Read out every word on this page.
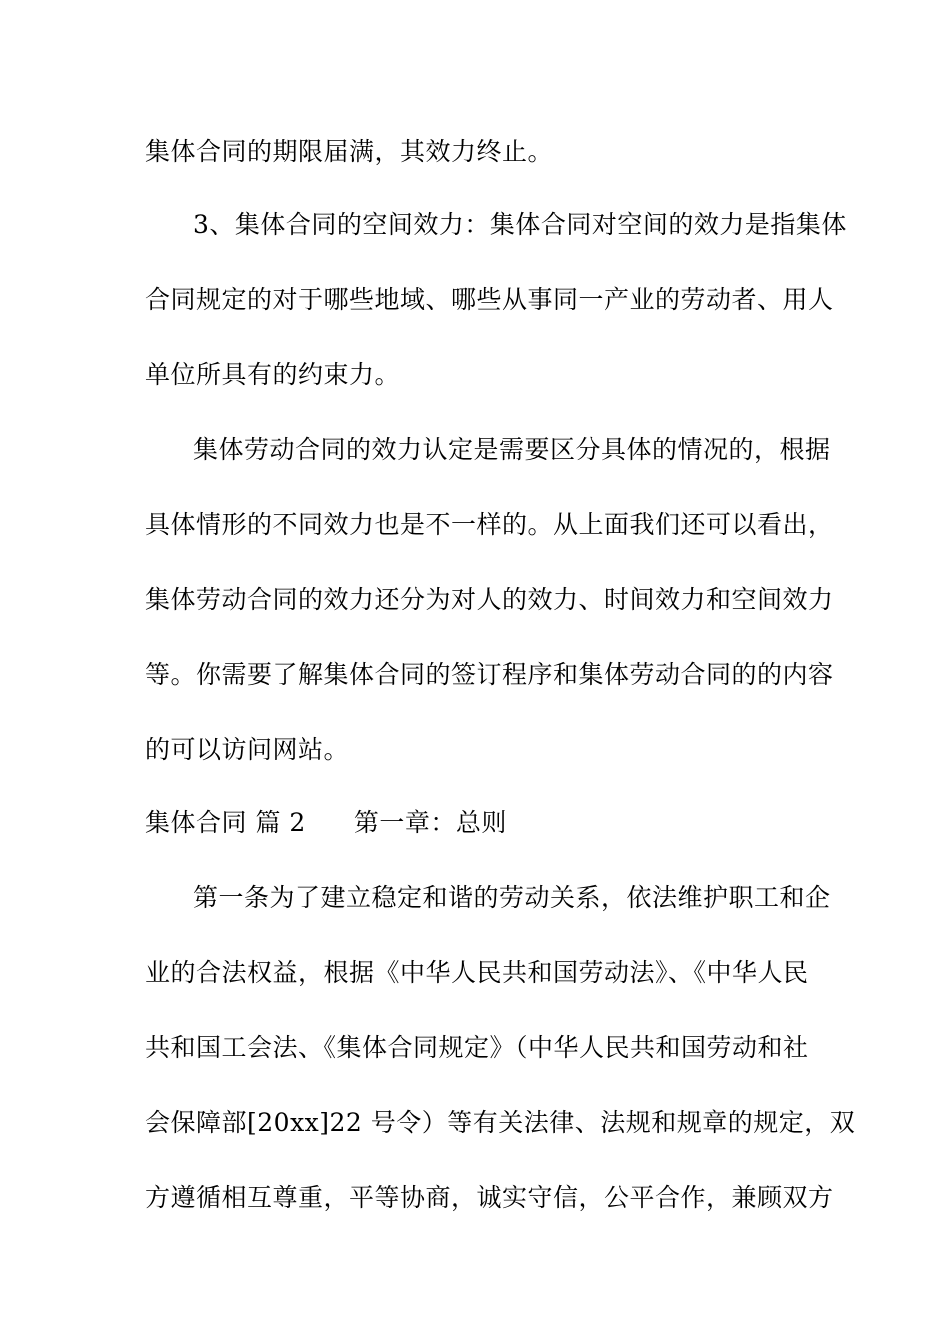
集体合同的期限届满，其效力终止。
3、集体合同的空间效力：集体合同对空间的效力是指集体
合同规定的对于哪些地域、哪些从事同一产业的劳动者、用人
单位所具有的约束力。
集体劳动合同的效力认定是需要区分具体的情况的，根据
具体情形的不同效力也是不一样的。从上面我们还可以看出，
集体劳动合同的效力还分为对人的效力、时间效力和空间效力
等。你需要了解集体合同的签订程序和集体劳动合同的的内容
的可以访问网站。
集体合同 篇 2 第一章：总则
第一条为了建立稳定和谐的劳动关系，依法维护职工和企
业的合法权益，根据《中华人民共和国劳动法》、《中华人民
共和国工会法、《集体合同规定》（中华人民共和国劳动和社
会保障部[20xx]22 号令）等有关法律、法规和规章的规定，双
方遵循相互尊重，平等协商，诚实守信，公平合作，兼顾双方
